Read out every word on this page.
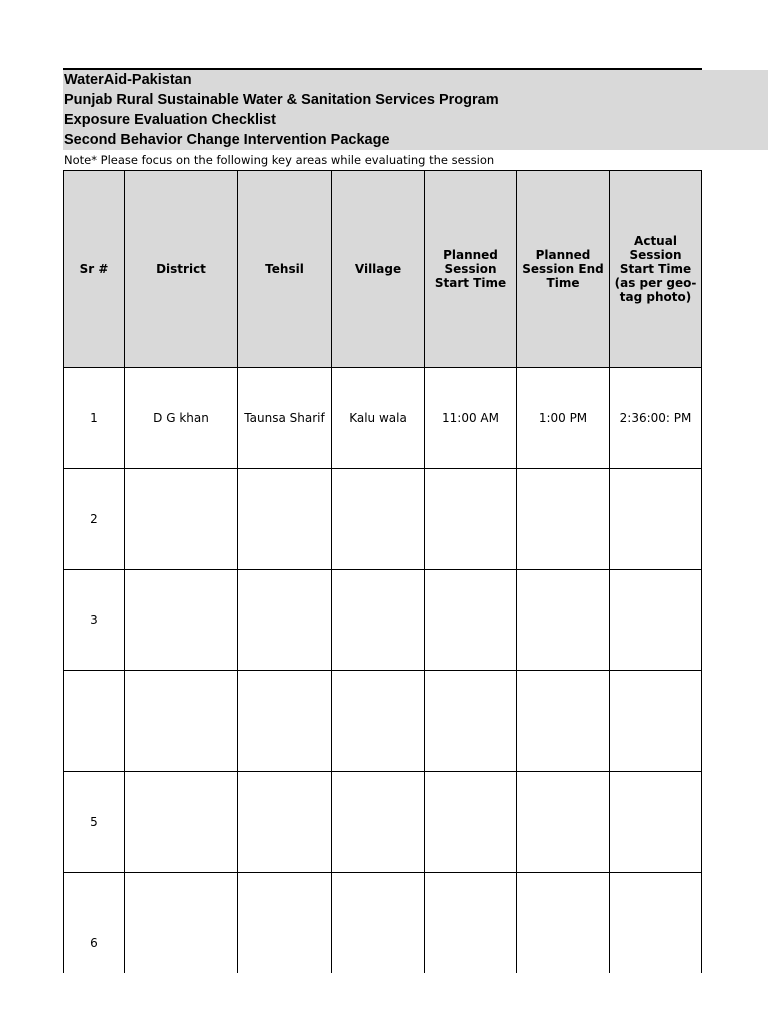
WaterAid-Pakistan
Punjab Rural Sustainable Water & Sanitation Services Program
Exposure Evaluation Checklist
Second Behavior Change Intervention Package
Note* Please focus on the following key areas while evaluating the session
Sr #	District	Tehsil	Village	Planned Session Start Time	Planned Session End Time	Actual Session Start Time (as per geo-tag photo)
1	D G khan	Taunsa Sharif	Kalu wala	11:00 AM	1:00 PM	2:36:00: PM
2						
3						

5						
6						
